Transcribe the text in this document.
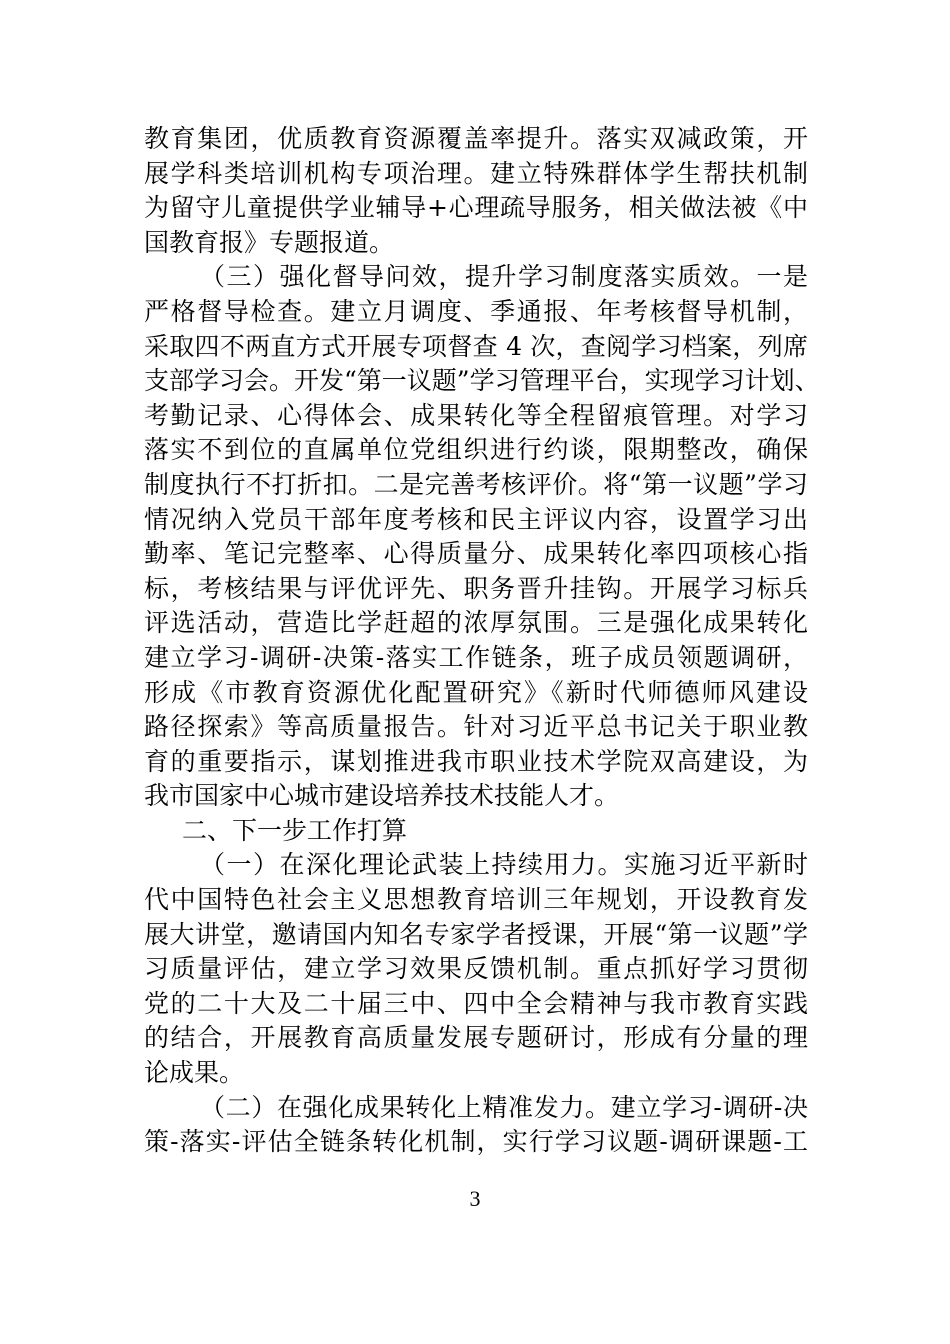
教育集团，优质教育资源覆盖率提升。落实双减政策，开
展学科类培训机构专项治理。建立特殊群体学生帮扶机制
为留守儿童提供学业辅导+心理疏导服务，相关做法被《中
国教育报》专题报道。
（三）强化督导问效，提升学习制度落实质效。一是
严格督导检查。建立月调度、季通报、年考核督导机制，
采取四不两直方式开展专项督查 4 次，查阅学习档案，列席
支部学习会。开发“第一议题”学习管理平台，实现学习计划、
考勤记录、心得体会、成果转化等全程留痕管理。对学习
落实不到位的直属单位党组织进行约谈，限期整改，确保
制度执行不打折扣。二是完善考核评价。将“第一议题”学习
情况纳入党员干部年度考核和民主评议内容，设置学习出
勤率、笔记完整率、心得质量分、成果转化率四项核心指
标，考核结果与评优评先、职务晋升挂钩。开展学习标兵
评选活动，营造比学赶超的浓厚氛围。三是强化成果转化
建立学习-调研-决策-落实工作链条，班子成员领题调研，
形成《市教育资源优化配置研究》《新时代师德师风建设
路径探索》等高质量报告。针对习近平总书记关于职业教
育的重要指示，谋划推进我市职业技术学院双高建设，为
我市国家中心城市建设培养技术技能人才。
二、下一步工作打算
（一）在深化理论武装上持续用力。实施习近平新时
代中国特色社会主义思想教育培训三年规划，开设教育发
展大讲堂，邀请国内知名专家学者授课，开展“第一议题”学
习质量评估，建立学习效果反馈机制。重点抓好学习贯彻
党的二十大及二十届三中、四中全会精神与我市教育实践
的结合，开展教育高质量发展专题研讨，形成有分量的理
论成果。
（二）在强化成果转化上精准发力。建立学习-调研-决
策-落实-评估全链条转化机制，实行学习议题-调研课题-工
3
